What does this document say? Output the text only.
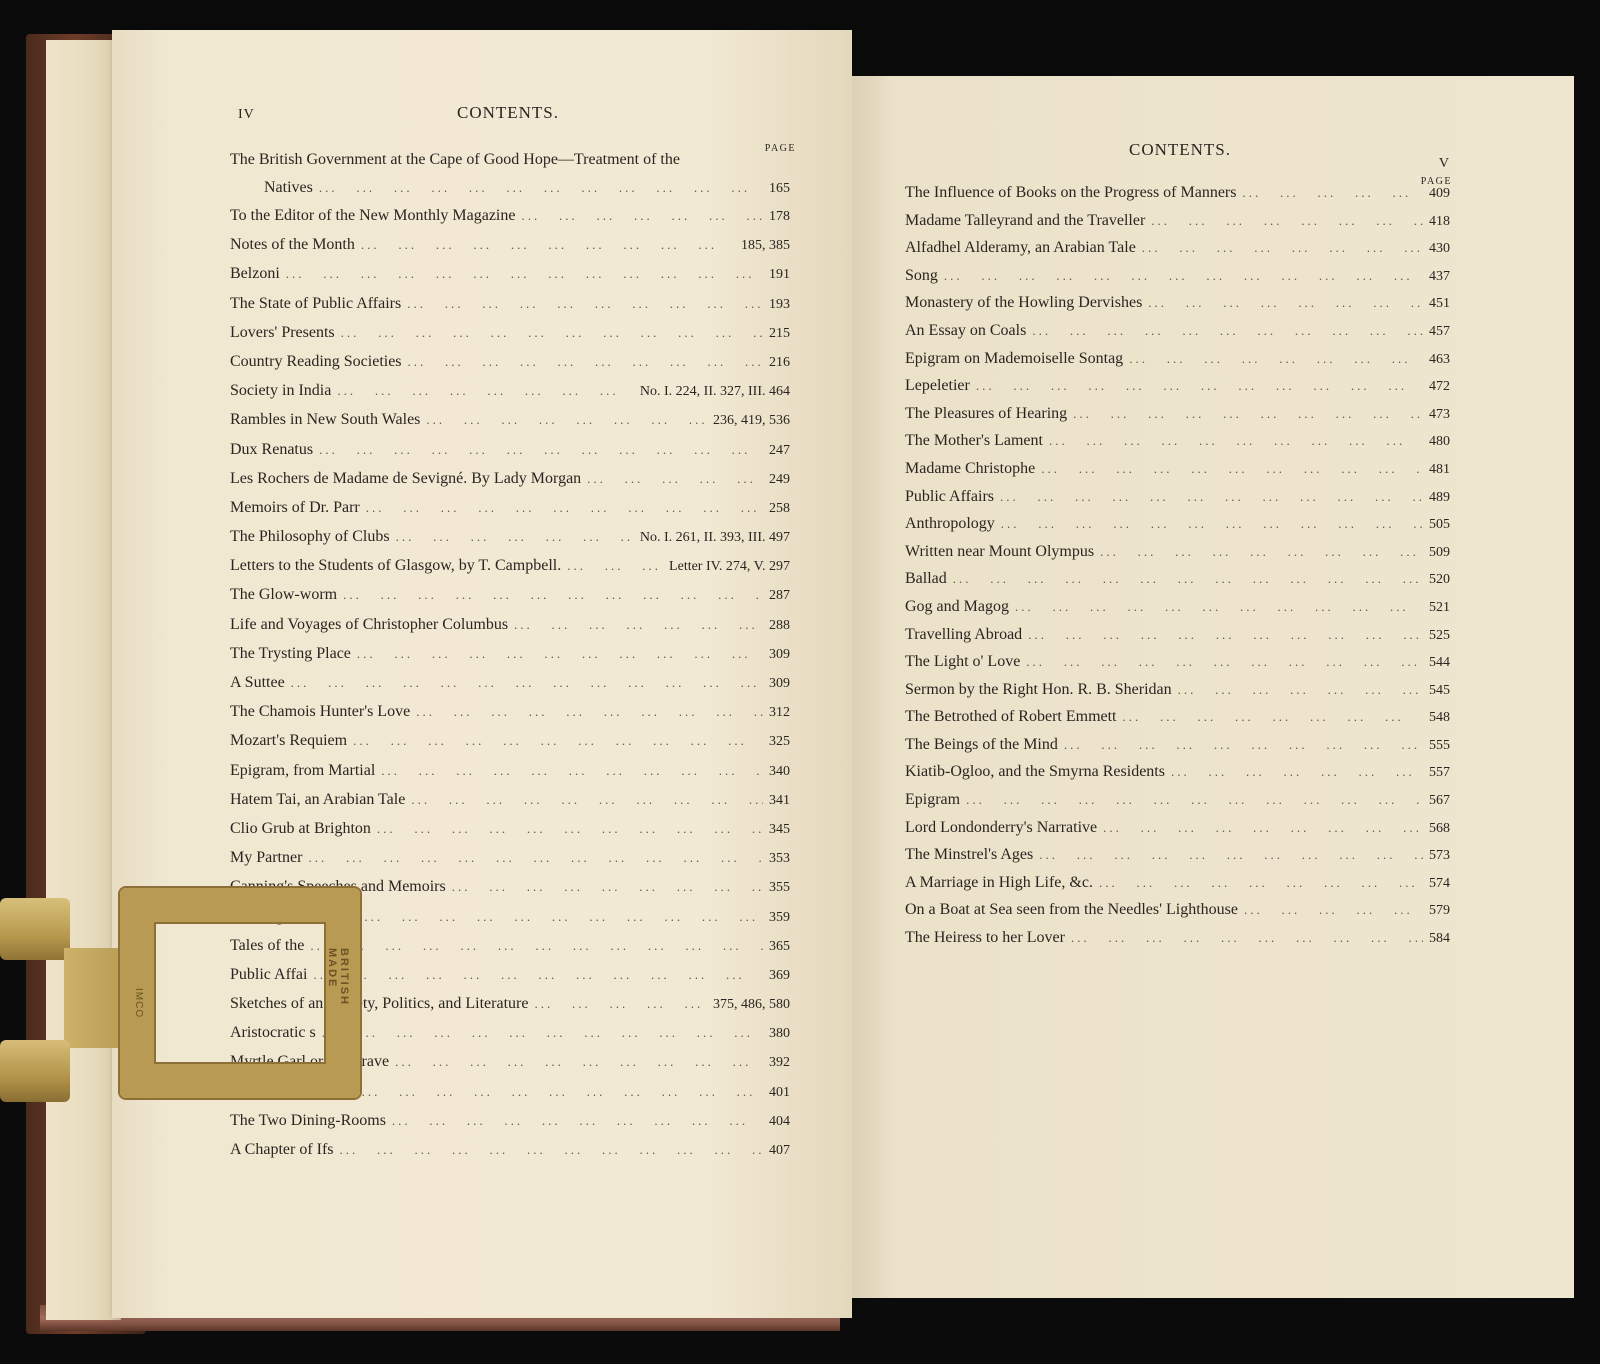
IV	CONTENTS.
PAGE	CONTENTS.
V
PAGE
The British Government at the Cape of Good Hope—Treatment of the
Natives ...	165
To the Editor of the New Monthly Magazine ...	178
Notes of the Month ...	185, 385
Belzoni ...	191
The State of Public Affairs ...	193
Lovers' Presents ...	215
Country Reading Societies ...	216
Society in India ...	No. I. 224, II. 327, III. 464
Rambles in New South Wales ...	236, 419, 536
Dux Renatus ...	247
Les Rochers de Madame de Sevigné. By Lady Morgan ...	249
Memoirs of Dr. Parr ...	258
The Philosophy of Clubs ...	No. I. 261, II. 393, III. 497
Letters to the Students of Glasgow, by T. Campbell. ...	Letter IV. 274, V. 297
The Glow-worm ...	287
Life and Voyages of Christopher Columbus ...	288
The Trysting Place ...	309
A Suttee ...	309
The Chamois Hunter's Love ...	312
Mozart's Requiem ...	325
Epigram, from Martial ...	340
Hatem Tai, an Arabian Tale ...	341
Clio Grub at Brighton ...	345
My Partner ...	353
Canning's Speeches and Memoirs ...	355
Reading ...	359
Tales of the ...	365
Public Affai ...	369
Sketches of an Society, Politics, and Literature ...	375, 486, 580
Aristocratic s ...	380
Myrtle Garl or the Brave ...	392
visatore ...	401
The Two Dining-Rooms ...	404
A Chapter of Ifs ...	407
The Influence of Books on the Progress of Manners ...	409
Madame Talleyrand and the Traveller ...	418
Alfadhel Alderamy, an Arabian Tale ...	430
Song ...	437
Monastery of the Howling Dervishes ...	451
An Essay on Coals ...	457
Epigram on Mademoiselle Sontag ...	463
Lepeletier ...	472
The Pleasures of Hearing ...	473
The Mother's Lament ...	480
Madame Christophe ...	481
Public Affairs ...	489
Anthropology ...	505
Written near Mount Olympus ...	509
Ballad ...	520
Gog and Magog ...	521
Travelling Abroad ...	525
The Light o' Love ...	544
Sermon by the Right Hon. R. B. Sheridan ...	545
The Betrothed of Robert Emmett ...	548
The Beings of the Mind ...	555
Kiatib-Ogloo, and the Smyrna Residents ...	557
Epigram ...	567
Lord Londonderry's Narrative ...	568
The Minstrel's Ages ...	573
A Marriage in High Life, &c. ...	574
On a Boat at Sea seen from the Needles' Lighthouse ...	579
The Heiress to her Lover ...	584
BRITISH MADE
IMCO
